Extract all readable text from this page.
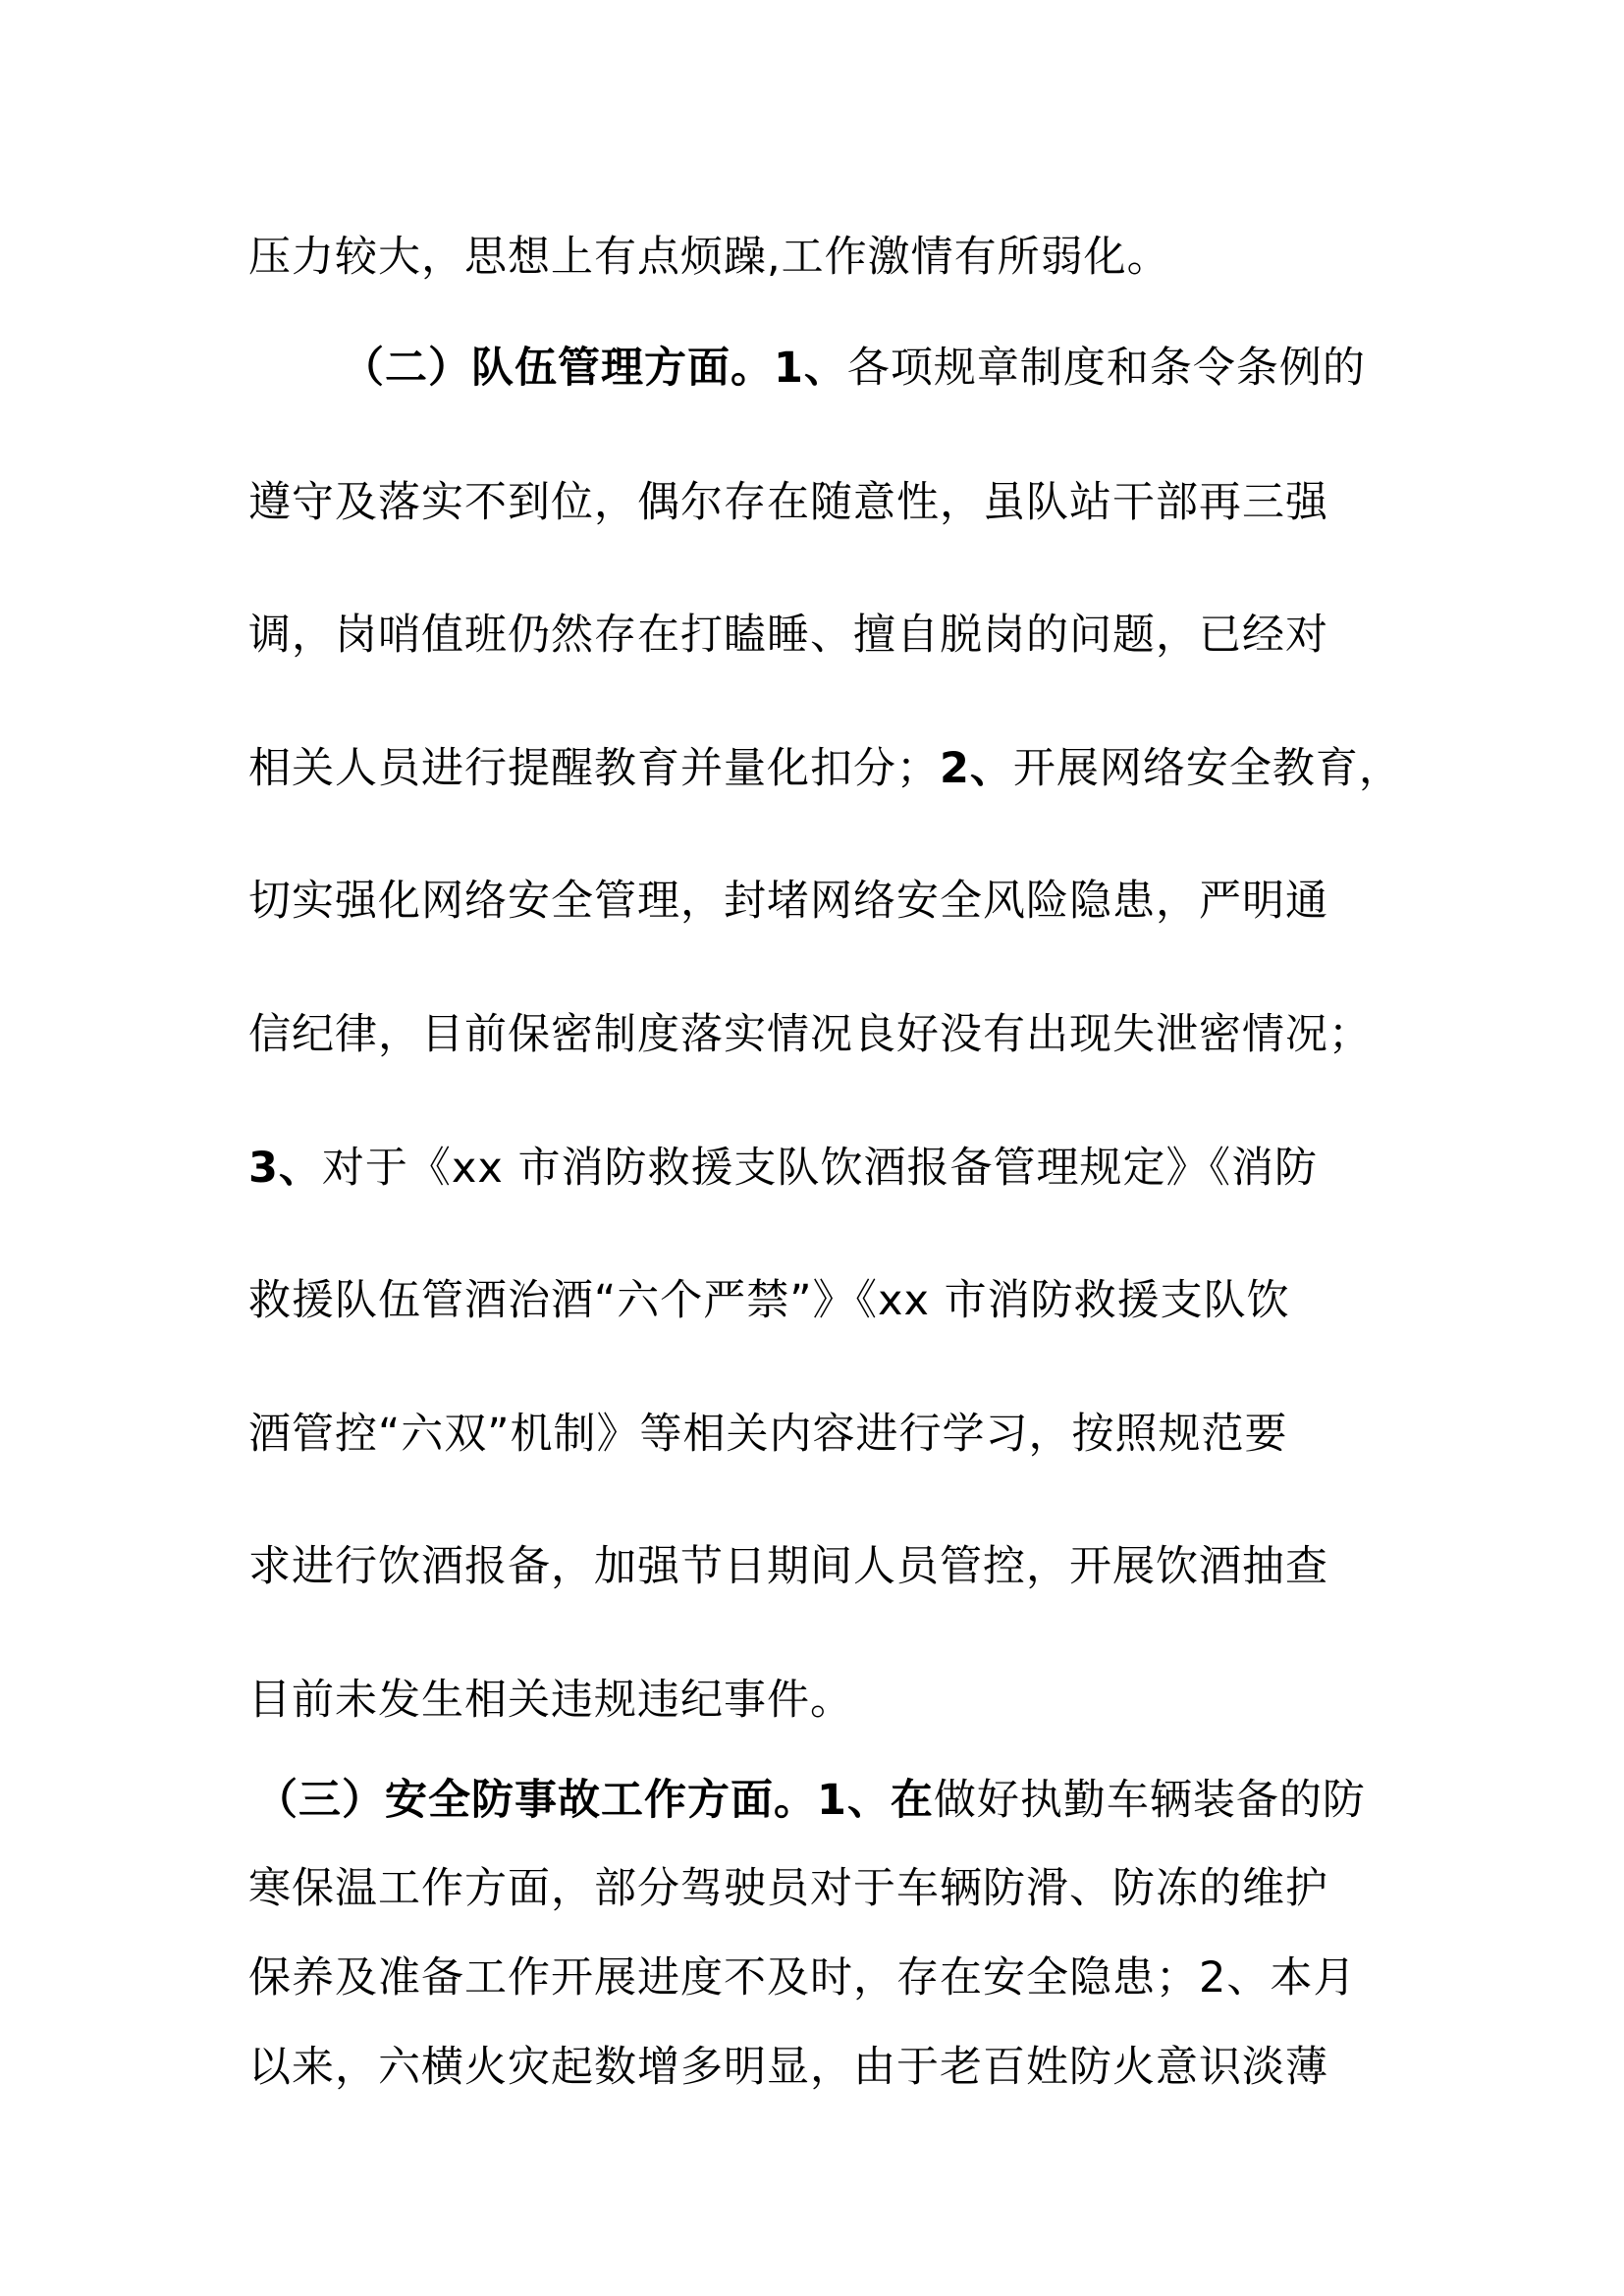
压力较大，思想上有点烦躁,工作激情有所弱化。
（二）队伍管理方面。1、各项规章制度和条令条例的
遵守及落实不到位，偶尔存在随意性，虽队站干部再三强
调，岗哨值班仍然存在打瞌睡、擅自脱岗的问题，已经对
相关人员进行提醒教育并量化扣分；2、开展网络安全教育，
切实强化网络安全管理，封堵网络安全风险隐患，严明通
信纪律，目前保密制度落实情况良好没有出现失泄密情况；
3、对于《xx 市消防救援支队饮酒报备管理规定》《消防
救援队伍管酒治酒“六个严禁”》《xx 市消防救援支队饮
酒管控“六双”机制》等相关内容进行学习，按照规范要
求进行饮酒报备，加强节日期间人员管控，开展饮酒抽查
目前未发生相关违规违纪事件。
（三）安全防事故工作方面。1、在做好执勤车辆装备的防
寒保温工作方面，部分驾驶员对于车辆防滑、防冻的维护
保养及准备工作开展进度不及时，存在安全隐患；2、本月
以来，六横火灾起数增多明显，由于老百姓防火意识淡薄
